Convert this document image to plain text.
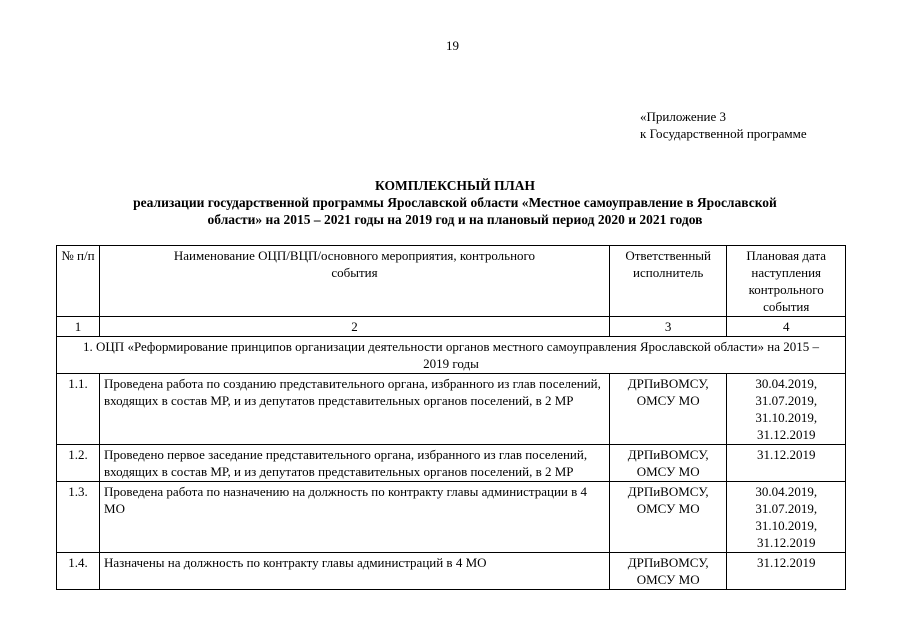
19
«Приложение 3
к Государственной программе
КОМПЛЕКСНЫЙ ПЛАН
реализации государственной программы Ярославской области «Местное самоуправление в Ярославской
области» на 2015 – 2021 годы на 2019 год и на плановый период 2020 и 2021 годов
№ п/п	Наименование ОЦП/ВЦП/основного мероприятия, контрольного события	Ответственный исполнитель	Плановая дата наступления контрольного события
1	2	3	4
1. ОЦП «Реформирование принципов организации деятельности органов местного самоуправления Ярославской области» на 2015 – 2019 годы			
1.1.	Проведена работа по созданию представительного органа, избранного из глав поселений, входящих в состав МР, и из депутатов представительных органов поселений, в 2 МР	ДРПиВОМСУ, ОМСУ МО	30.04.2019,
31.07.2019,
31.10.2019,
31.12.2019

1.2.	Проведено первое заседание представительного органа, избранного из глав поселений, входящих в состав МР, и из депутатов представительных органов поселений, в 2 МР	ДРПиВОМСУ, ОМСУ МО	31.12.2019

1.3.	Проведена работа по назначению на должность по контракту главы администрации в 4 МО	ДРПиВОМСУ, ОМСУ МО	30.04.2019,
31.07.2019,
31.10.2019,
31.12.2019

1.4.	Назначены на должность по контракту главы администраций в 4 МО	ДРПиВОМСУ, ОМСУ МО	31.12.2019
